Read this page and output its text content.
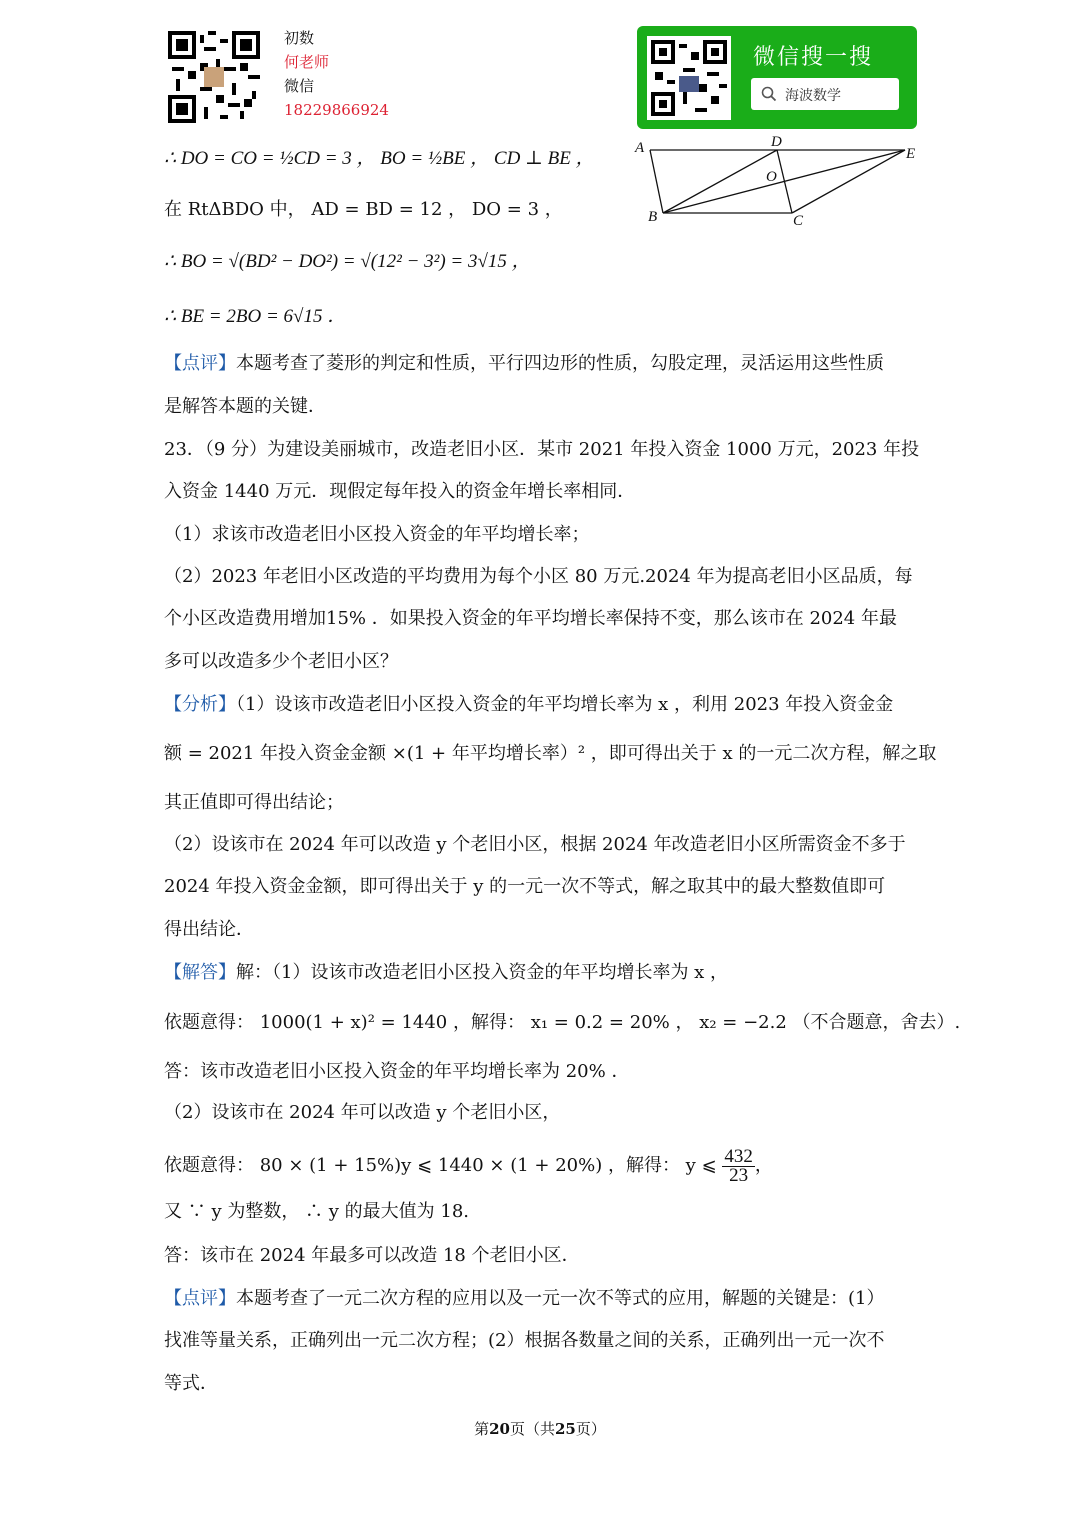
初数
何老师
微信
18229866924
微信搜一搜
海波数学
A	D
E
O
B	C
∴ DO = CO = ½CD = 3 ， BO = ½BE ， CD ⊥ BE ，
在 RtΔBDO 中， AD = BD = 12 ， DO = 3 ，
∴ BO = √(BD² − DO²) = √(12² − 3²) = 3√15 ，
∴ BE = 2BO = 6√15 ．
【点评】本题考查了菱形的判定和性质，平行四边形的性质，勾股定理，灵活运用这些性质
是解答本题的关键．
23．（9 分）为建设美丽城市，改造老旧小区．某市 2021 年投入资金 1000 万元，2023 年投
入资金 1440 万元．现假定每年投入的资金年增长率相同．
（1）求该市改造老旧小区投入资金的年平均增长率；
（2）2023 年老旧小区改造的平均费用为每个小区 80 万元.2024 年为提高老旧小区品质，每
个小区改造费用增加15% ．如果投入资金的年平均增长率保持不变，那么该市在 2024 年最
多可以改造多少个老旧小区？
【分析】（1）设该市改造老旧小区投入资金的年平均增长率为 x ，利用 2023 年投入资金金
额 = 2021 年投入资金金额 ×(1 + 年平均增长率）² ，即可得出关于 x 的一元二次方程，解之取
其正值即可得出结论；
（2）设该市在 2024 年可以改造 y 个老旧小区，根据 2024 年改造老旧小区所需资金不多于
2024 年投入资金金额，即可得出关于 y 的一元一次不等式，解之取其中的最大整数值即可
得出结论．
【解答】解：（1）设该市改造老旧小区投入资金的年平均增长率为 x ，
依题意得： 1000(1 + x)² = 1440 ，解得： x₁ = 0.2 = 20% ， x₂ = −2.2 （不合题意，舍去）.
答：该市改造老旧小区投入资金的年平均增长率为 20% ．
（2）设该市在 2024 年可以改造 y 个老旧小区，
依题意得： 80 × (1 + 15%)y ⩽ 1440 × (1 + 20%) ，解得： y ⩽ $\frac{432}{23}$ ，
又 ∵ y 为整数， ∴ y 的最大值为 18.
答：该市在 2024 年最多可以改造 18 个老旧小区．
【点评】本题考查了一元二次方程的应用以及一元一次不等式的应用，解题的关键是：(1）
找准等量关系，正确列出一元二次方程；(2）根据各数量之间的关系，正确列出一元一次不
等式．
第20页（共25页）
